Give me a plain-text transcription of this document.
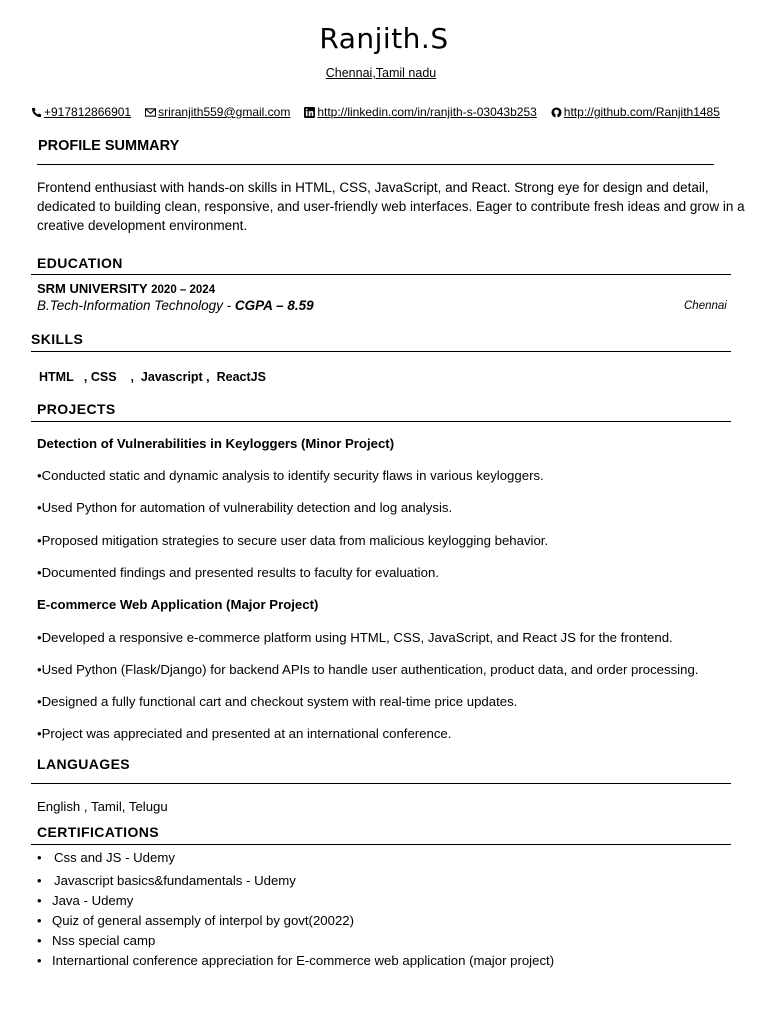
Ranjith.S
Chennai,Tamil nadu
+917812866901 sriranjith559@gmail.com http://linkedin.com/in/ranjith-s-03043b253 http://github.com/Ranjith1485
PROFILE SUMMARY
Frontend enthusiast with hands-on skills in HTML, CSS, JavaScript, and React. Strong eye for design and detail, dedicated to building clean, responsive, and user-friendly web interfaces. Eager to contribute fresh ideas and grow in a creative development environment.
EDUCATION
SRM UNIVERSITY 2020 – 2024
B.Tech-Information Technology - CGPA – 8.59	Chennai
SKILLS
HTML   , CSS    ,  Javascript ,  ReactJS
PROJECTS
Detection of Vulnerabilities in Keyloggers (Minor Project)
•Conducted static and dynamic analysis to identify security flaws in various keyloggers.
•Used Python for automation of vulnerability detection and log analysis.
•Proposed mitigation strategies to secure user data from malicious keylogging behavior.
•Documented findings and presented results to faculty for evaluation.
E-commerce Web Application (Major Project)
•Developed a responsive e-commerce platform using HTML, CSS, JavaScript, and React JS for the frontend.
•Used Python (Flask/Django) for backend APIs to handle user authentication, product data, and order processing.
•Designed a fully functional cart and checkout system with real-time price updates.
•Project was appreciated and presented at an international conference.
LANGUAGES
English , Tamil, Telugu
CERTIFICATIONS
• Css and JS - Udemy
• Javascript basics&fundamentals - Udemy
• Java - Udemy
• Quiz of general assemply of interpol by govt(20022)
• Nss special camp
• Internartional conference appreciation for E-commerce web application (major project)
